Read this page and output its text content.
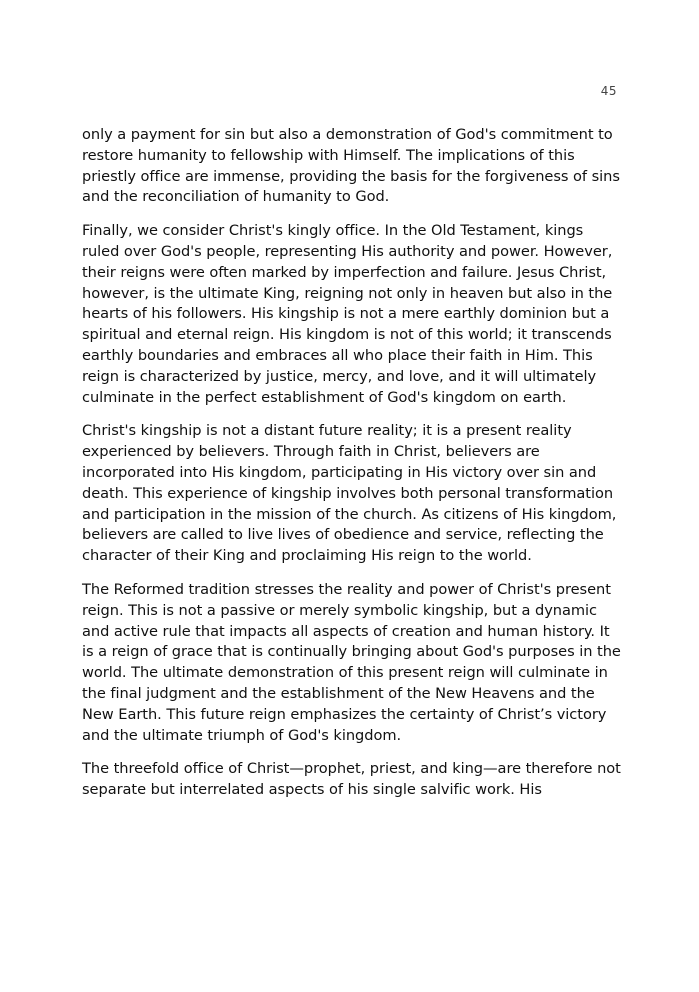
45

only a payment for sin but also a demonstration of God's commitment to restore humanity to fellowship with Himself. The implications of this priestly office are immense, providing the basis for the forgiveness of sins and the reconciliation of humanity to God.

Finally, we consider Christ's kingly office. In the Old Testament, kings ruled over God's people, representing His authority and power. However, their reigns were often marked by imperfection and failure. Jesus Christ, however, is the ultimate King, reigning not only in heaven but also in the hearts of his followers. His kingship is not a mere earthly dominion but a spiritual and eternal reign. His kingdom is not of this world; it transcends earthly boundaries and embraces all who place their faith in Him. This reign is characterized by justice, mercy, and love, and it will ultimately culminate in the perfect establishment of God's kingdom on earth.

Christ's kingship is not a distant future reality; it is a present reality experienced by believers. Through faith in Christ, believers are incorporated into His kingdom, participating in His victory over sin and death. This experience of kingship involves both personal transformation and participation in the mission of the church. As citizens of His kingdom, believers are called to live lives of obedience and service, reflecting the character of their King and proclaiming His reign to the world.

The Reformed tradition stresses the reality and power of Christ's present reign. This is not a passive or merely symbolic kingship, but a dynamic and active rule that impacts all aspects of creation and human history. It is a reign of grace that is continually bringing about God's purposes in the world. The ultimate demonstration of this present reign will culminate in the final judgment and the establishment of the New Heavens and the New Earth. This future reign emphasizes the certainty of Christ’s victory and the ultimate triumph of God's kingdom.

The threefold office of Christ—prophet, priest, and king—are therefore not separate but interrelated aspects of his single salvific work. His
